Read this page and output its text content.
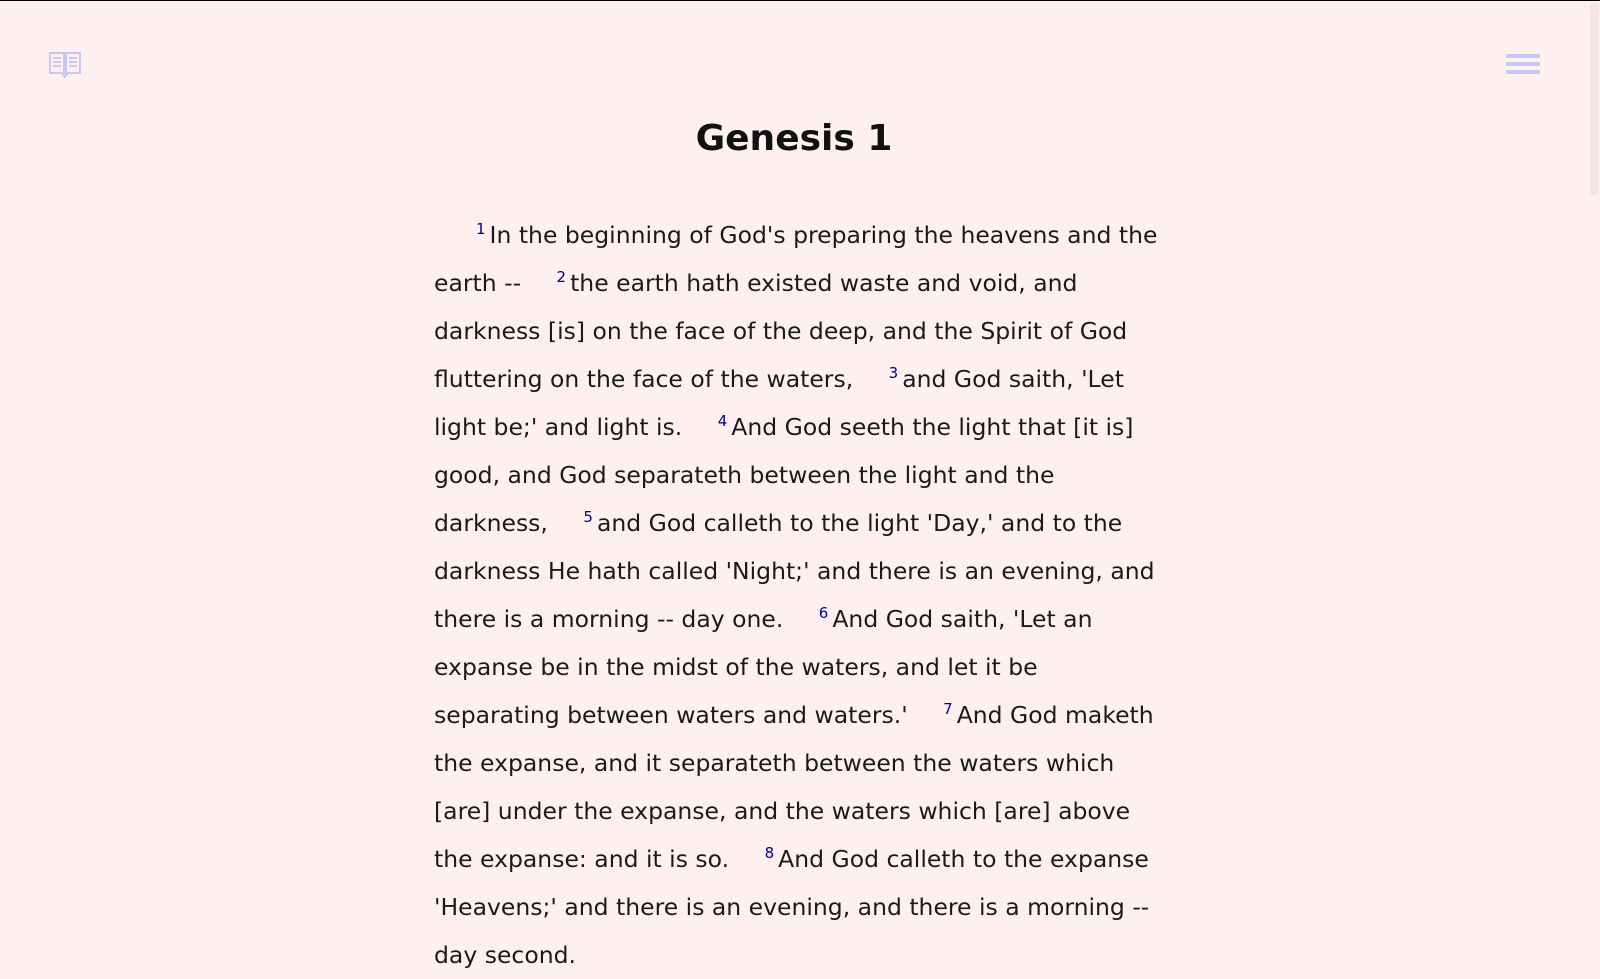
Genesis 1

$^1$ In the beginning of God's preparing the heavens and the earth -- $^2$ the earth hath existed waste and void, and darkness [is] on the face of the deep, and the Spirit of God fluttering on the face of the waters, $^3$ and God saith, 'Let light be;' and light is. $^4$ And God seeth the light that [it is] good, and God separateth between the light and the darkness, $^5$ and God calleth to the light 'Day,' and to the darkness He hath called 'Night;' and there is an evening, and there is a morning -- day one. $^6$ And God saith, 'Let an expanse be in the midst of the waters, and let it be separating between waters and waters.' $^7$ And God maketh the expanse, and it separateth between the waters which [are] under the expanse, and the waters which [are] above the expanse: and it is so. $^8$ And God calleth to the expanse 'Heavens;' and there is an evening, and there is a morning -- day second.
